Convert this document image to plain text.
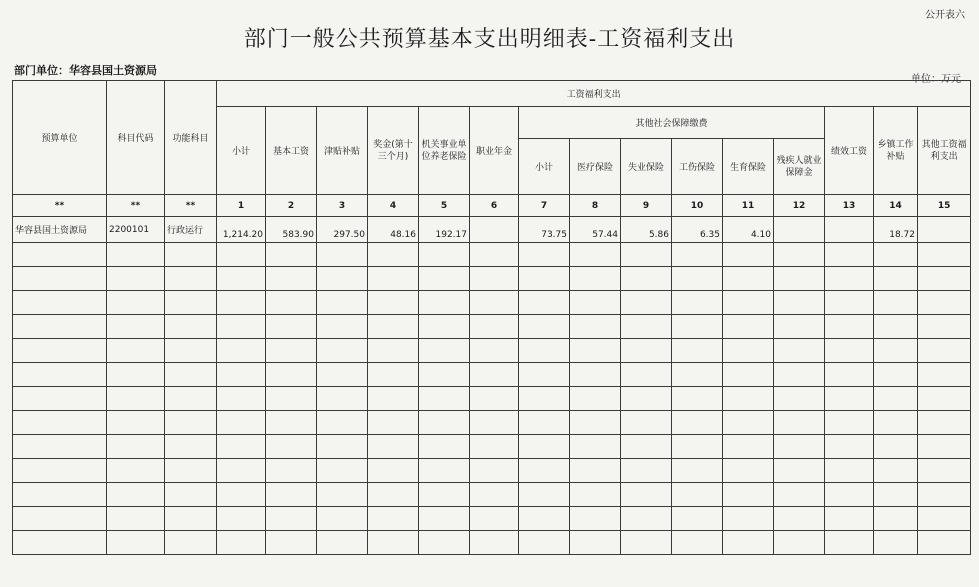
公开表六
部门一般公共预算基本支出明细表-工资福利支出
部门单位：华容县国土资源局
单位：万元
预算单位	科目代码	功能科目	工资福利支出														
			小计	基本工资	津贴补贴	奖金(第十三个月)	机关事业单位养老保险	职业年金	其他社会保障缴费						绩效工资	乡镇工作补贴	其他工资福利支出
									小计	医疗保险	失业保险	工伤保险	生育保险	残疾人就业保障金			
**	**	**	1	2	3	4	5	6	7	8	9	10	11	12	13	14	15
华容县国土资源局	2200101	行政运行	1,214.20	583.90	297.50	48.16	192.17		73.75	57.44	5.86	6.35	4.10			18.72	
